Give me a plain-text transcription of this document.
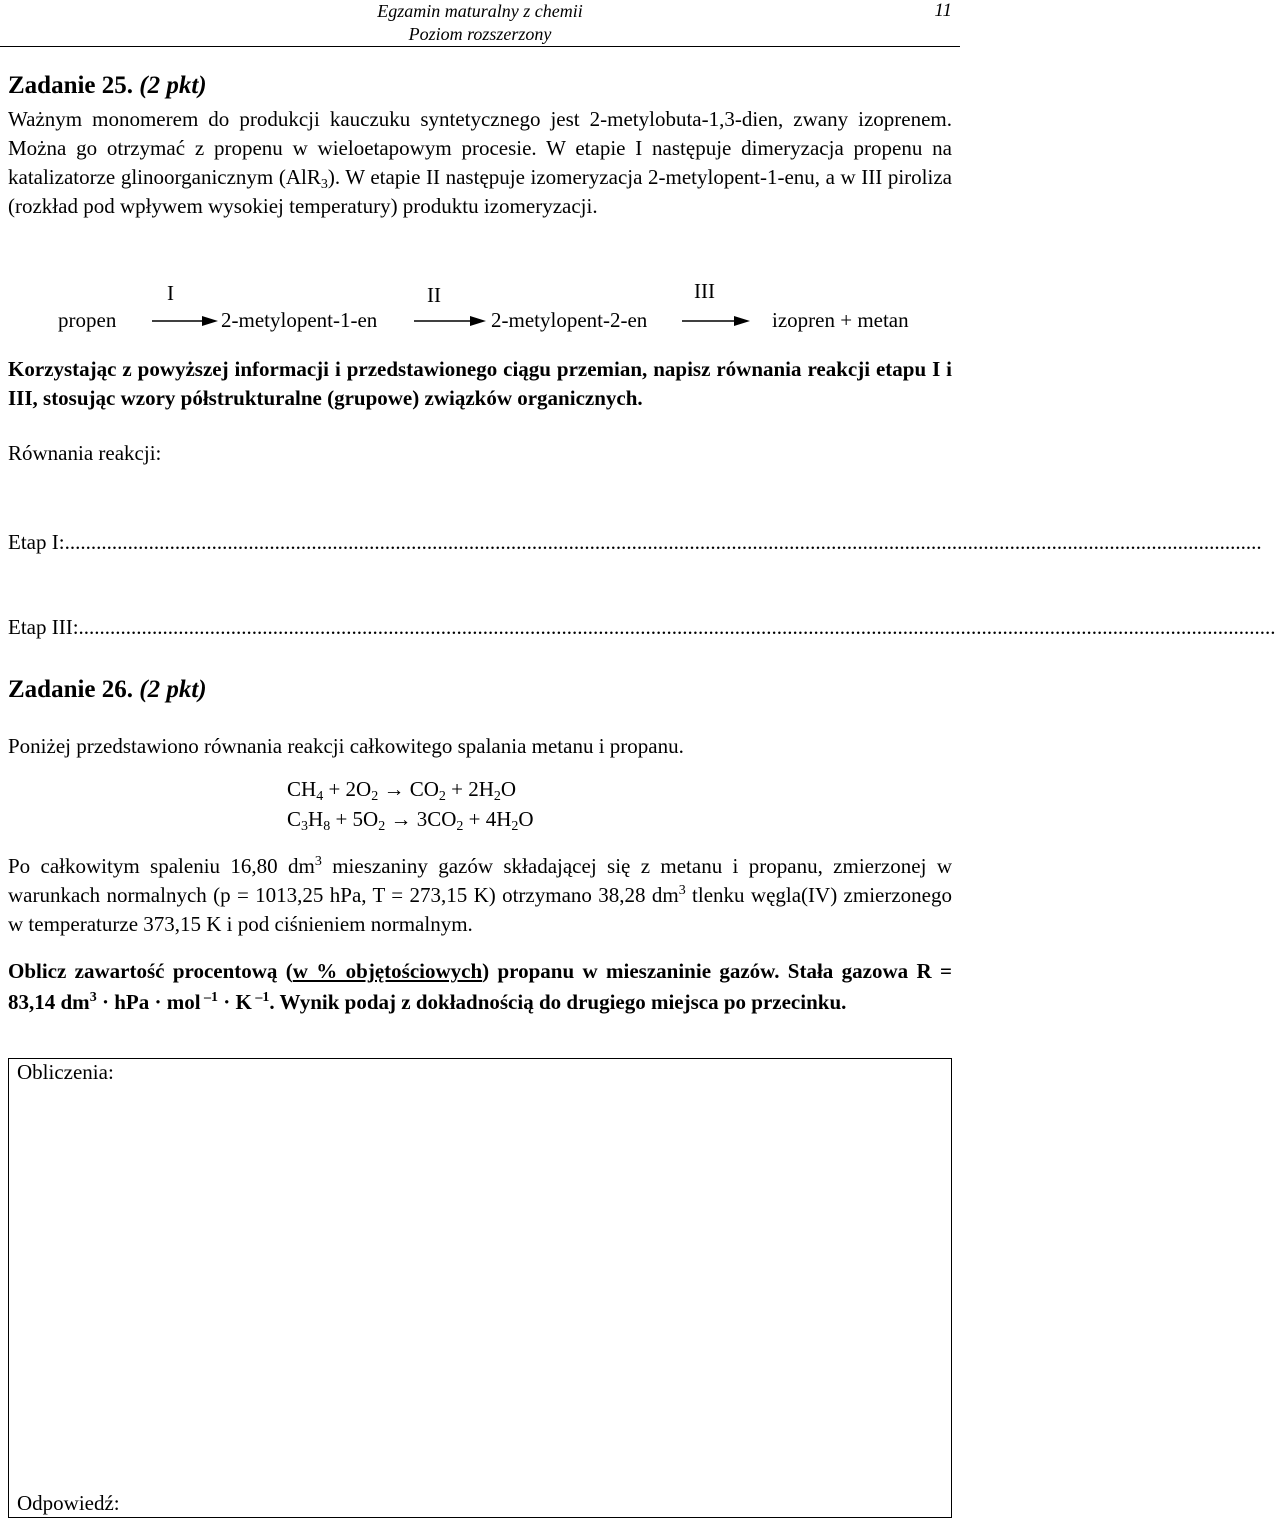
Egzamin maturalny z chemii
Poziom rozszerzony
11
Zadanie 25. (2 pkt)
Ważnym monomerem do produkcji kauczuku syntetycznego jest 2-metylobuta-1,3-dien, zwany izoprenem. Można go otrzymać z propenu w wieloetapowym procesie. W etapie I następuje dimeryzacja propenu na katalizatorze glinoorganicznym (AlR$_3$). W etapie II następuje izomeryzacja 2-metylopent-1-enu, a w III piroliza (rozkład pod wpływem wysokiej temperatury) produktu izomeryzacji.
I	II	III
propen	2-metylopent-1-en	2-metylopent-2-en	izopren + metan
Korzystając z powyższej informacji i przedstawionego ciągu przemian, napisz równania reakcji etapu I i III, stosując wzory półstrukturalne (grupowe) związków organicznych.
Równania reakcji:
Etap I:....................................................................................................................................................................................................................................
Etap III:....................................................................................................................................................................................................................................
Zadanie 26. (2 pkt)
Poniżej przedstawiono równania reakcji całkowitego spalania metanu i propanu.
$CH_4 + 2O_2 \to CO_2 + 2H_2O$
$C_3H_8 + 5O_2 \to 3CO_2 + 4H_2O$
Po całkowitym spaleniu 16,80 $dm^3$ mieszaniny gazów składającej się z metanu i propanu, zmierzonej w warunkach normalnych (p = 1013,25 hPa, T = 273,15 K) otrzymano 38,28 $dm^3$ tlenku węgla(IV) zmierzonego w temperaturze 373,15 K i pod ciśnieniem normalnym.
Oblicz zawartość procentową (w % objętościowych) propanu w mieszaninie gazów. Stała gazowa R = 83,14 $dm^3$ · hPa · mol $^{-1}$ · K $^{-1}$. Wynik podaj z dokładnością do drugiego miejsca po przecinku.
Obliczenia:
Odpowiedź:
